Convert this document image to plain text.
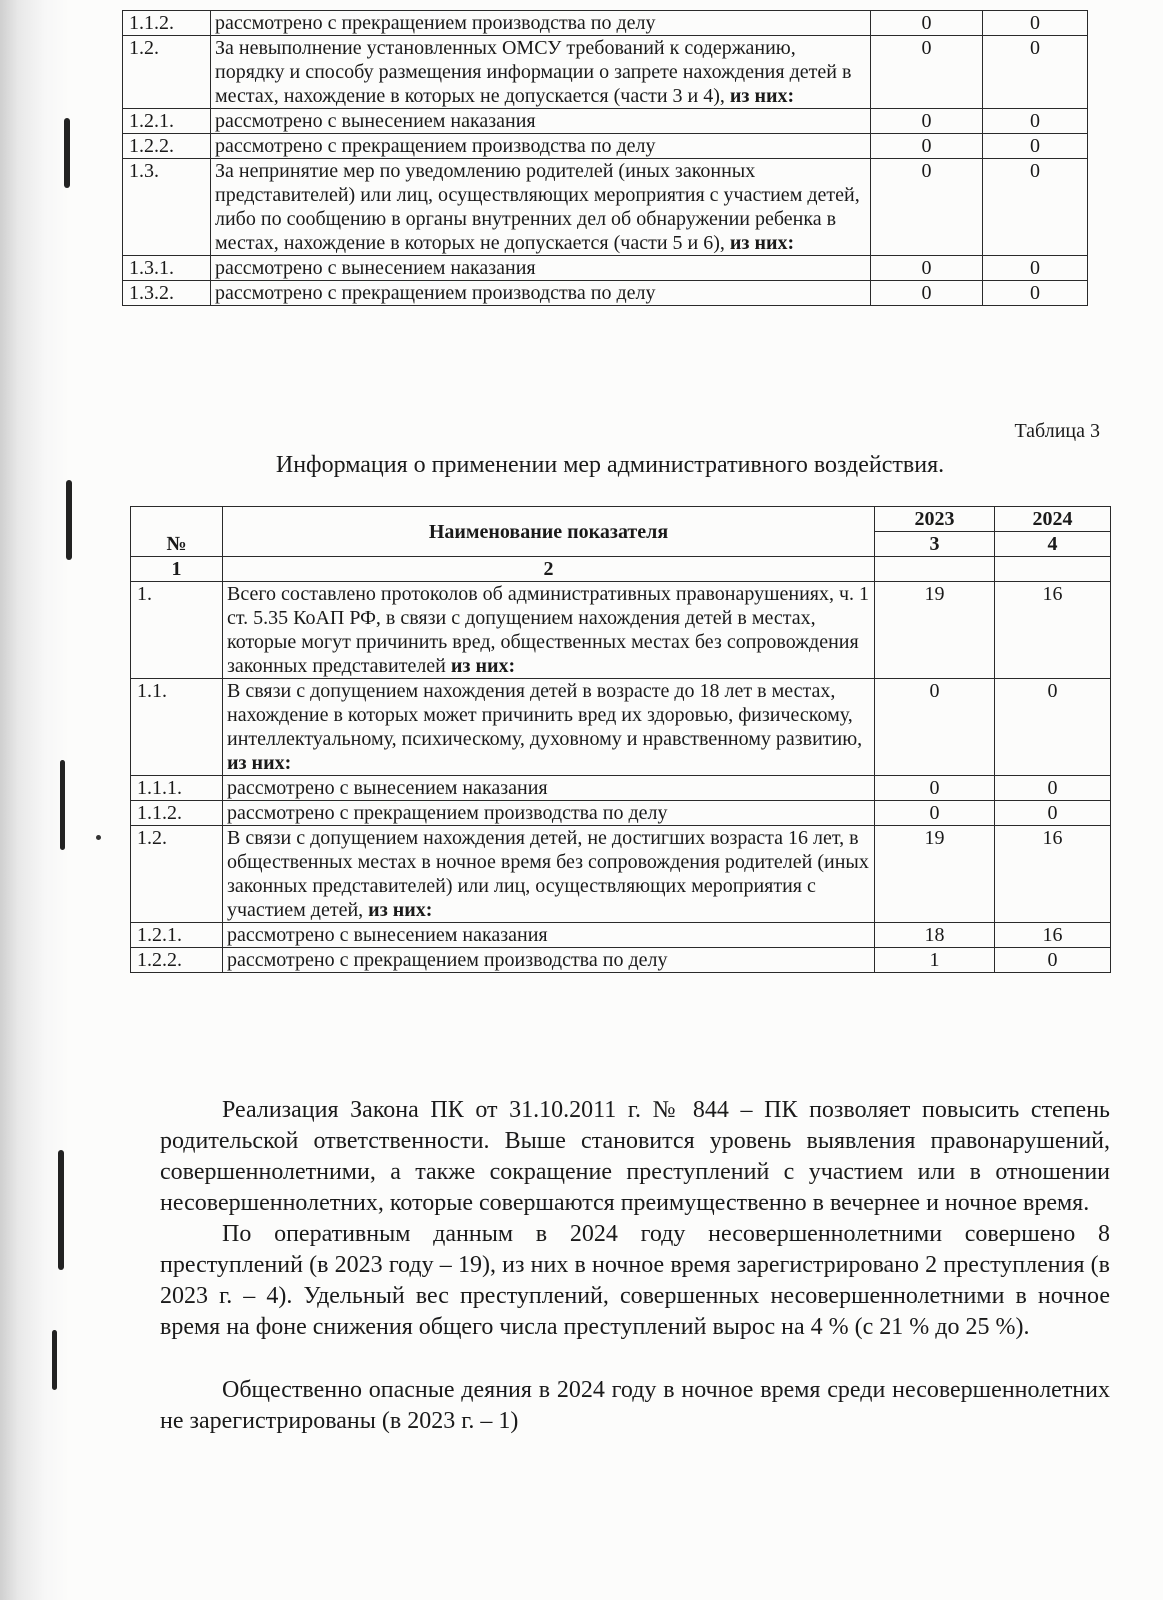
1.1.2.	рассмотрено с прекращением производства по делу	0	0
1.2.	За невыполнение установленных ОМСУ требований к содержанию, порядку и способу размещения информации о запрете нахождения детей в местах, нахождение в которых не допускается (части 3 и 4), из них:	0	0
1.2.1.	рассмотрено с вынесением наказания	0	0
1.2.2.	рассмотрено с прекращением производства по делу	0	0
1.3.	За непринятие мер по уведомлению родителей (иных законных представителей) или лиц, осуществляющих мероприятия с участием детей, либо по сообщению в органы внутренних дел об обнаружении ребенка в местах, нахождение в которых не допускается (части 5 и 6), из них:	0	0
1.3.1.	рассмотрено с вынесением наказания	0	0
1.3.2.	рассмотрено с прекращением производства по делу	0	0
Таблица 3
Информация о применении мер административного воздействия.
№	Наименование показателя	2023	2024
		3	4
1	2		
1.	Всего составлено протоколов об административных правонарушениях, ч. 1 ст. 5.35 КоАП РФ, в связи с допущением нахождения детей в местах, которые могут причинить вред, общественных местах без сопровождения законных представителей из них:	19	16
1.1.	В связи с допущением нахождения детей в возрасте до 18 лет в местах, нахождение в которых может причинить вред их здоровью, физическому, интеллектуальному, психическому, духовному и нравственному развитию, из них:	0	0
1.1.1.	рассмотрено с вынесением наказания	0	0
1.1.2.	рассмотрено с прекращением производства по делу	0	0
1.2.	В связи с допущением нахождения детей, не достигших возраста 16 лет, в общественных местах в ночное время без сопровождения родителей (иных законных представителей) или лиц, осуществляющих мероприятия с участием детей, из них:	19	16
1.2.1.	рассмотрено с вынесением наказания	18	16
1.2.2.	рассмотрено с прекращением производства по делу	1	0

Реализация Закона ПК от 31.10.2011 г. № 844 – ПК позволяет повысить степень родительской ответственности. Выше становится уровень выявления правонарушений, совершеннолетними, а также сокращение преступлений с участием или в отношении несовершеннолетних, которые совершаются преимущественно в вечернее и ночное время.

По оперативным данным в 2024 году несовершеннолетними совершено 8 преступлений (в 2023 году – 19), из них в ночное время зарегистрировано 2 преступления (в 2023 г. – 4). Удельный вес преступлений, совершенных несовершеннолетними в ночное время на фоне снижения общего числа преступлений вырос на 4 % (с 21 % до 25 %).

Общественно опасные деяния в 2024 году в ночное время среди несовершеннолетних не зарегистрированы (в 2023 г. – 1)
